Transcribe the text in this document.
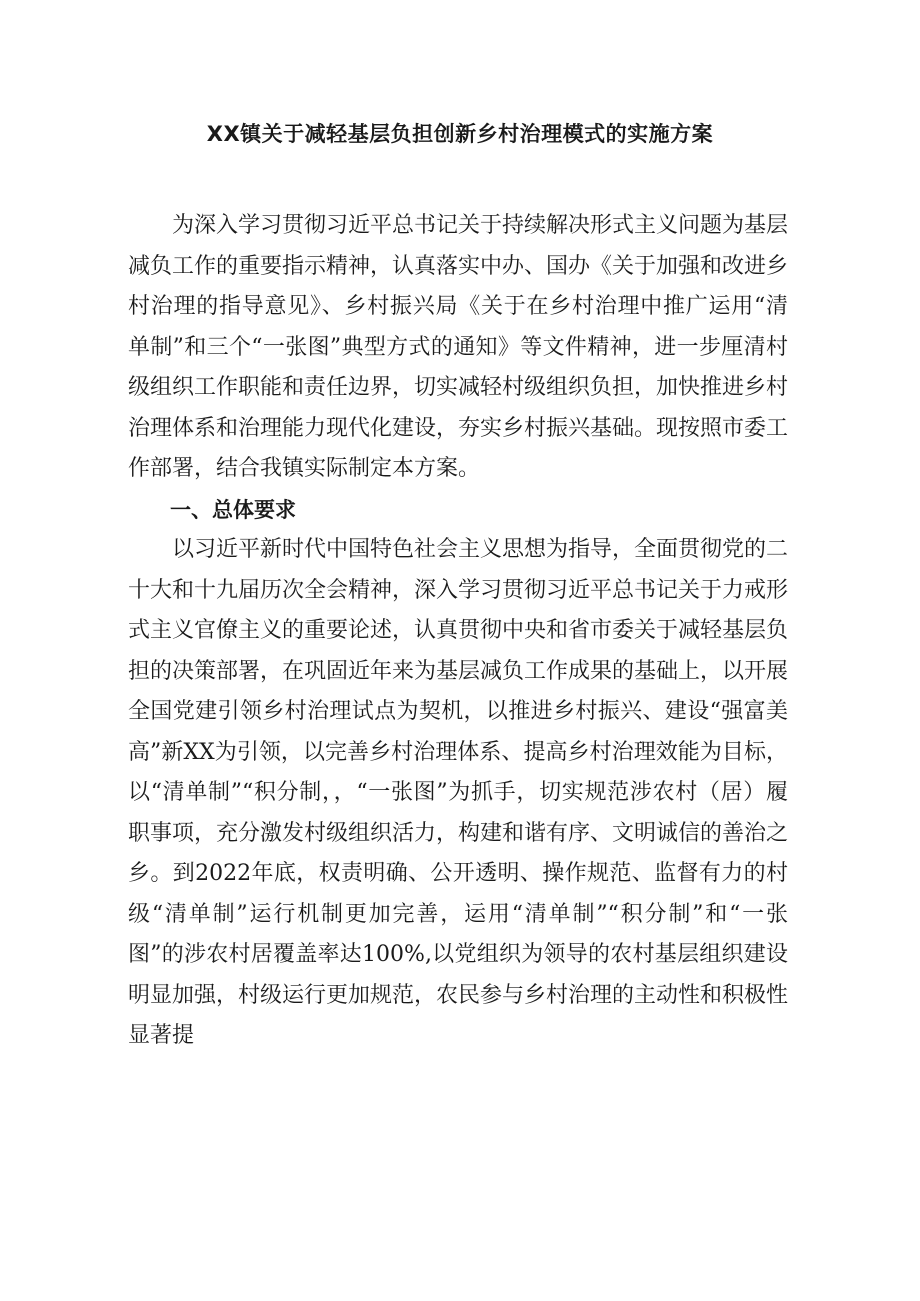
XX镇关于减轻基层负担创新乡村治理模式的实施方案

为深入学习贯彻习近平总书记关于持续解决形式主义问题为基层减负工作的重要指示精神，认真落实中办、国办《关于加强和改进乡村治理的指导意见》、乡村振兴局《关于在乡村治理中推广运用“清单制”和三个“一张图”典型方式的通知》等文件精神，进一步厘清村级组织工作职能和责任边界，切实减轻村级组织负担，加快推进乡村治理体系和治理能力现代化建设，夯实乡村振兴基础。现按照市委工作部署，结合我镇实际制定本方案。

一、总体要求

以习近平新时代中国特色社会主义思想为指导，全面贯彻党的二十大和十九届历次全会精神，深入学习贯彻习近平总书记关于力戒形式主义官僚主义的重要论述，认真贯彻中央和省市委关于减轻基层负担的决策部署，在巩固近年来为基层减负工作成果的基础上，以开展全国党建引领乡村治理试点为契机，以推进乡村振兴、建设“强富美高”新XX为引领，以完善乡村治理体系、提高乡村治理效能为目标，以“清单制”“积分制，，“一张图”为抓手，切实规范涉农村（居）履职事项，充分激发村级组织活力，构建和谐有序、文明诚信的善治之乡。到2022年底，权责明确、公开透明、操作规范、监督有力的村级“清单制”运行机制更加完善，运用“清单制”“积分制”和“一张图”的涉农村居覆盖率达100%,以党组织为领导的农村基层组织建设明显加强，村级运行更加规范，农民参与乡村治理的主动性和积极性显著提
